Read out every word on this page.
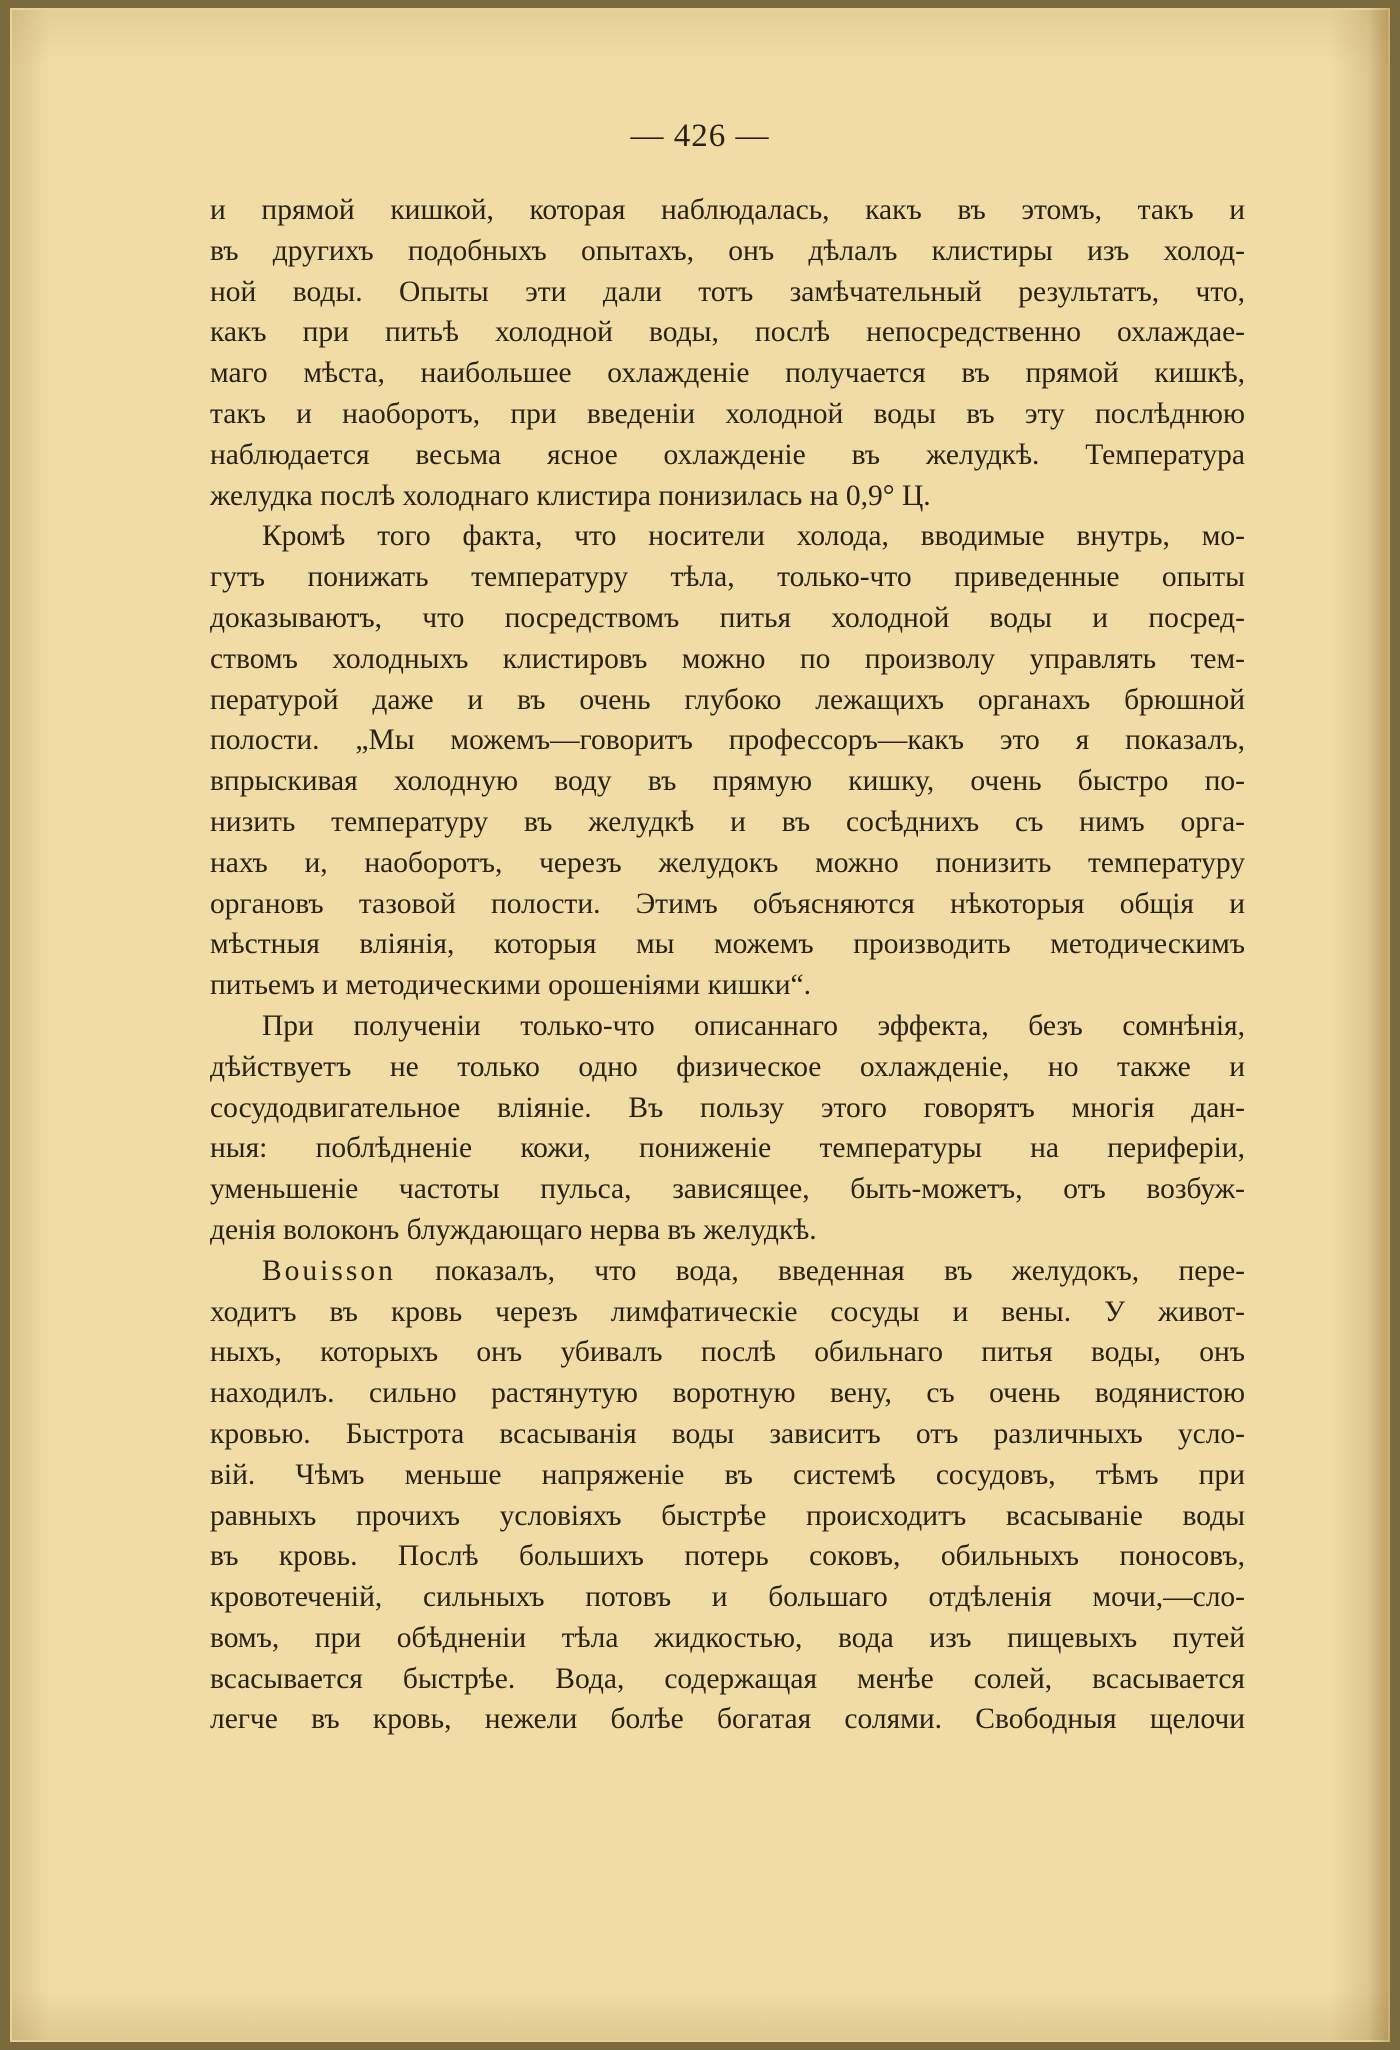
— 426 —
и прямой кишкой, которая наблюдалась, какъ въ этомъ, такъ и
въ другихъ подобныхъ опытахъ, онъ дѣлалъ клистиры изъ холод-
ной воды. Опыты эти дали тотъ замѣчательный результатъ, что,
какъ при питьѣ холодной воды, послѣ непосредственно охлаждае-
маго мѣста, наибольшее охлажденіе получается въ прямой кишкѣ,
такъ и наоборотъ, при введеніи холодной воды въ эту послѣднюю
наблюдается весьма ясное охлажденіе въ желудкѣ. Температура
желудка послѣ холоднаго клистира понизилась на 0,9° Ц.
Кромѣ того факта, что носители холода, вводимые внутрь, мо-
гутъ понижать температуру тѣла, только-что приведенные опыты
доказываютъ, что посредствомъ питья холодной воды и посред-
ствомъ холодныхъ клистировъ можно по произволу управлять тем-
пературой даже и въ очень глубоко лежащихъ органахъ брюшной
полости. „Мы можемъ—говоритъ профессоръ—какъ это я показалъ,
впрыскивая холодную воду въ прямую кишку, очень быстро по-
низить температуру въ желудкѣ и въ сосѣднихъ съ нимъ орга-
нахъ и, наоборотъ, черезъ желудокъ можно понизить температуру
органовъ тазовой полости. Этимъ объясняются нѣкоторыя общія и
мѣстныя вліянія, которыя мы можемъ производить методическимъ
питьемъ и методическими орошеніями кишки“.
При полученіи только-что описаннаго эффекта, безъ сомнѣнія,
дѣйствуетъ не только одно физическое охлажденіе, но также и
сосудодвигательное вліяніе. Въ пользу этого говорятъ многія дан-
ныя: поблѣдненіе кожи, пониженіе температуры на периферіи,
уменьшеніе частоты пульса, зависящее, быть-можетъ, отъ возбуж-
денія волоконъ блуждающаго нерва въ желудкѣ.
Bouisson показалъ, что вода, введенная въ желудокъ, пере-
ходитъ въ кровь черезъ лимфатическіе сосуды и вены. У живот-
ныхъ, которыхъ онъ убивалъ послѣ обильнаго питья воды, онъ
находилъ. сильно растянутую воротную вену, съ очень водянистою
кровью. Быстрота всасыванія воды зависитъ отъ различныхъ усло-
вій. Чѣмъ меньше напряженіе въ системѣ сосудовъ, тѣмъ при
равныхъ прочихъ условіяхъ быстрѣе происходитъ всасываніе воды
въ кровь. Послѣ большихъ потерь соковъ, обильныхъ поносовъ,
кровотеченій, сильныхъ потовъ и большаго отдѣленія мочи,—сло-
вомъ, при обѣдненіи тѣла жидкостью, вода изъ пищевыхъ путей
всасывается быстрѣе. Вода, содержащая менѣе солей, всасывается
легче въ кровь, нежели болѣе богатая солями. Свободныя щелочи
